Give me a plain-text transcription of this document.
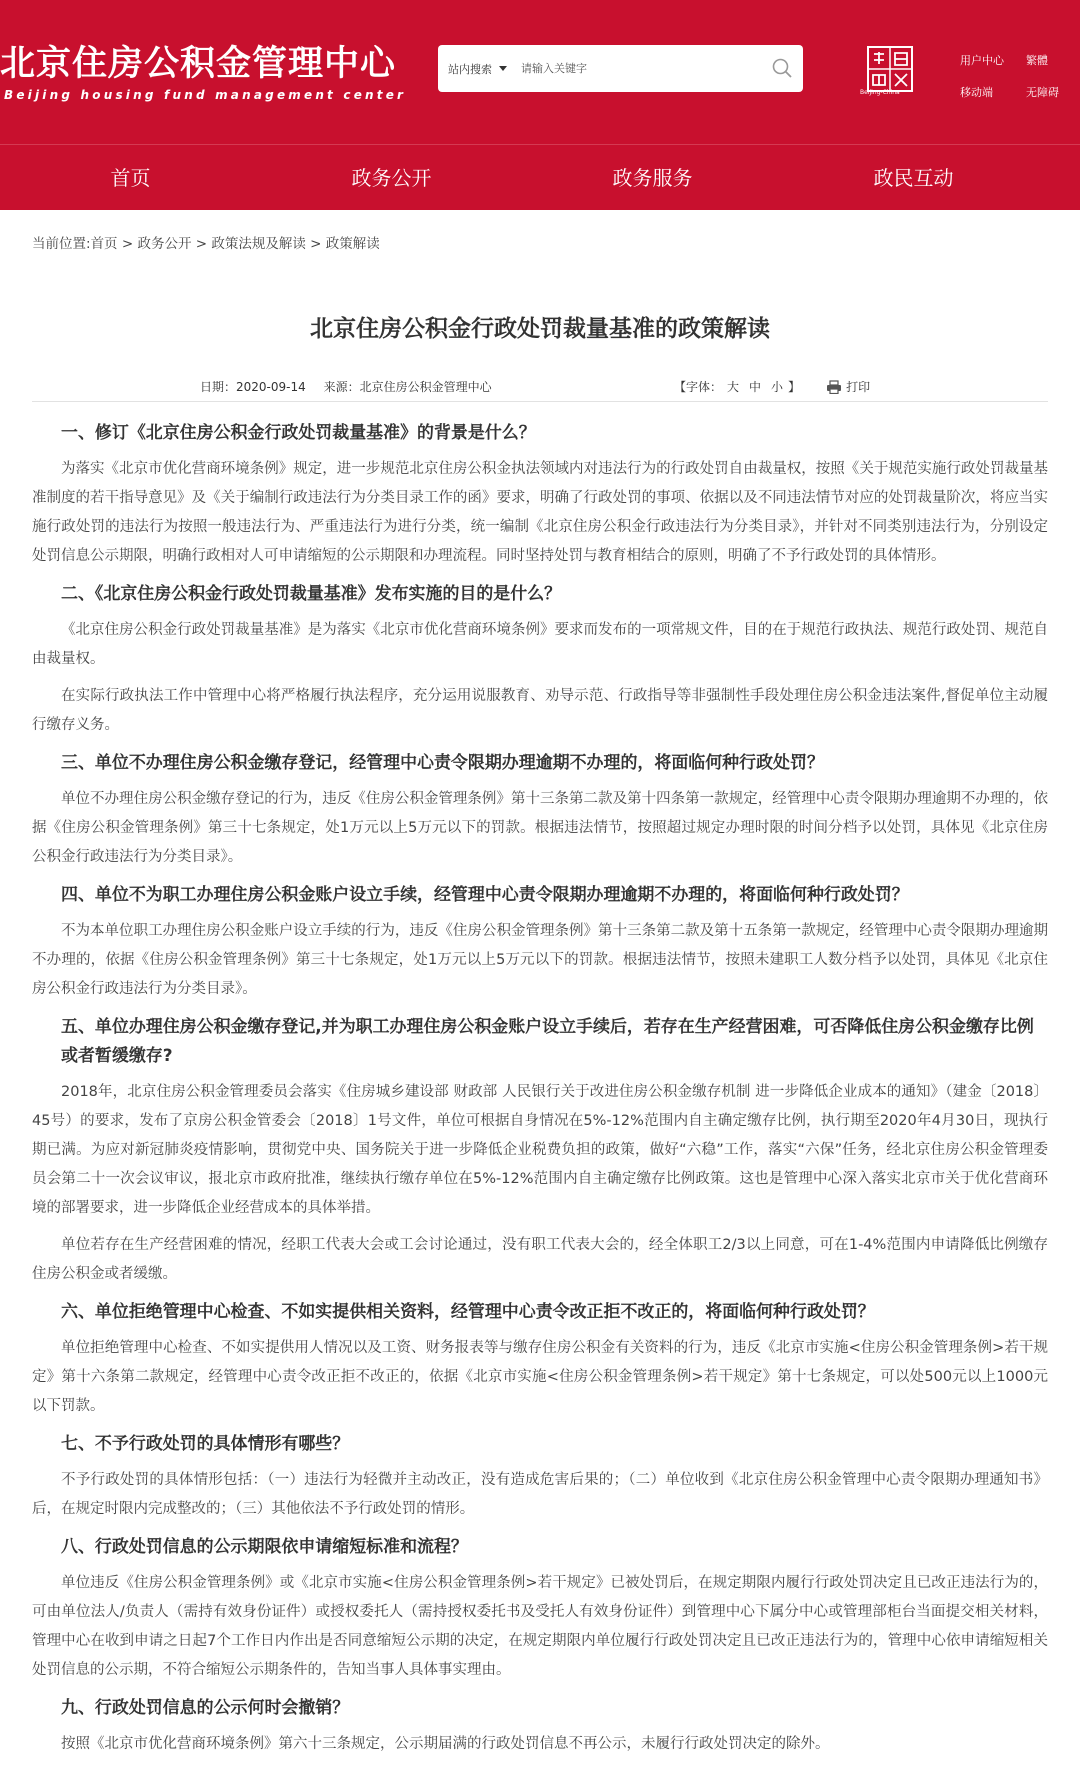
北京住房公积金管理中心
Beijing housing fund management center
站内搜索
请输入关键字
Beijing-China
用户中心	繁體
移动端	无障碍
首页	政务公开	政务服务	政民互动
当前位置:首页 > 政务公开 > 政策法规及解读 > 政策解读
北京住房公积金行政处罚裁量基准的政策解读
日期：2020-09-14 来源：北京住房公积金管理中心	【字体： 大 中 小 】	打印
一、修订《北京住房公积金行政处罚裁量基准》的背景是什么？

为落实《北京市优化营商环境条例》规定，进一步规范北京住房公积金执法领域内对违法行为的行政处罚自由裁量权，按照《关于规范实施行政处罚裁量基准制度的若干指导意见》及《关于编制行政违法行为分类目录工作的函》要求，明确了行政处罚的事项、依据以及不同违法情节对应的处罚裁量阶次，将应当实施行政处罚的违法行为按照一般违法行为、严重违法行为进行分类，统一编制《北京住房公积金行政违法行为分类目录》，并针对不同类别违法行为，分别设定处罚信息公示期限，明确行政相对人可申请缩短的公示期限和办理流程。同时坚持处罚与教育相结合的原则，明确了不予行政处罚的具体情形。

二、《北京住房公积金行政处罚裁量基准》发布实施的目的是什么？

《北京住房公积金行政处罚裁量基准》是为落实《北京市优化营商环境条例》要求而发布的一项常规文件，目的在于规范行政执法、规范行政处罚、规范自由裁量权。

在实际行政执法工作中管理中心将严格履行执法程序，充分运用说服教育、劝导示范、行政指导等非强制性手段处理住房公积金违法案件,督促单位主动履行缴存义务。

三、单位不办理住房公积金缴存登记，经管理中心责令限期办理逾期不办理的，将面临何种行政处罚？

单位不办理住房公积金缴存登记的行为，违反《住房公积金管理条例》第十三条第二款及第十四条第一款规定，经管理中心责令限期办理逾期不办理的，依据《住房公积金管理条例》第三十七条规定，处1万元以上5万元以下的罚款。根据违法情节，按照超过规定办理时限的时间分档予以处罚，具体见《北京住房公积金行政违法行为分类目录》。

四、单位不为职工办理住房公积金账户设立手续，经管理中心责令限期办理逾期不办理的，将面临何种行政处罚？

不为本单位职工办理住房公积金账户设立手续的行为，违反《住房公积金管理条例》第十三条第二款及第十五条第一款规定，经管理中心责令限期办理逾期不办理的，依据《住房公积金管理条例》第三十七条规定，处1万元以上5万元以下的罚款。根据违法情节，按照未建职工人数分档予以处罚，具体见《北京住房公积金行政违法行为分类目录》。

五、单位办理住房公积金缴存登记,并为职工办理住房公积金账户设立手续后，若存在生产经营困难，可否降低住房公积金缴存比例或者暂缓缴存?

2018年，北京住房公积金管理委员会落实《住房城乡建设部 财政部 人民银行关于改进住房公积金缴存机制 进一步降低企业成本的通知》（建金〔2018〕45号）的要求，发布了京房公积金管委会〔2018〕1号文件，单位可根据自身情况在5%-12%范围内自主确定缴存比例，执行期至2020年4月30日，现执行期已满。为应对新冠肺炎疫情影响，贯彻党中央、国务院关于进一步降低企业税费负担的政策，做好“六稳”工作，落实“六保”任务，经北京住房公积金管理委员会第二十一次会议审议，报北京市政府批准，继续执行缴存单位在5%-12%范围内自主确定缴存比例政策。这也是管理中心深入落实北京市关于优化营商环境的部署要求，进一步降低企业经营成本的具体举措。

单位若存在生产经营困难的情况，经职工代表大会或工会讨论通过，没有职工代表大会的，经全体职工2/3以上同意，可在1-4%范围内申请降低比例缴存住房公积金或者缓缴。

六、单位拒绝管理中心检查、不如实提供相关资料，经管理中心责令改正拒不改正的，将面临何种行政处罚？

单位拒绝管理中心检查、不如实提供用人情况以及工资、财务报表等与缴存住房公积金有关资料的行为，违反《北京市实施<住房公积金管理条例>若干规定》第十六条第二款规定，经管理中心责令改正拒不改正的，依据《北京市实施<住房公积金管理条例>若干规定》第十七条规定，可以处500元以上1000元以下罚款。

七、不予行政处罚的具体情形有哪些？

不予行政处罚的具体情形包括：（一）违法行为轻微并主动改正，没有造成危害后果的；（二）单位收到《北京住房公积金管理中心责令限期办理通知书》后，在规定时限内完成整改的；（三）其他依法不予行政处罚的情形。

八、行政处罚信息的公示期限依申请缩短标准和流程？

单位违反《住房公积金管理条例》或《北京市实施<住房公积金管理条例>若干规定》已被处罚后，在规定期限内履行行政处罚决定且已改正违法行为的，可由单位法人/负责人（需持有效身份证件）或授权委托人（需持授权委托书及受托人有效身份证件）到管理中心下属分中心或管理部柜台当面提交相关材料，管理中心在收到申请之日起7个工作日内作出是否同意缩短公示期的决定，在规定期限内单位履行行政处罚决定且已改正违法行为的，管理中心依申请缩短相关处罚信息的公示期，不符合缩短公示期条件的，告知当事人具体事实理由。

九、行政处罚信息的公示何时会撤销？

按照《北京市优化营商环境条例》第六十三条规定，公示期届满的行政处罚信息不再公示，未履行行政处罚决定的除外。
